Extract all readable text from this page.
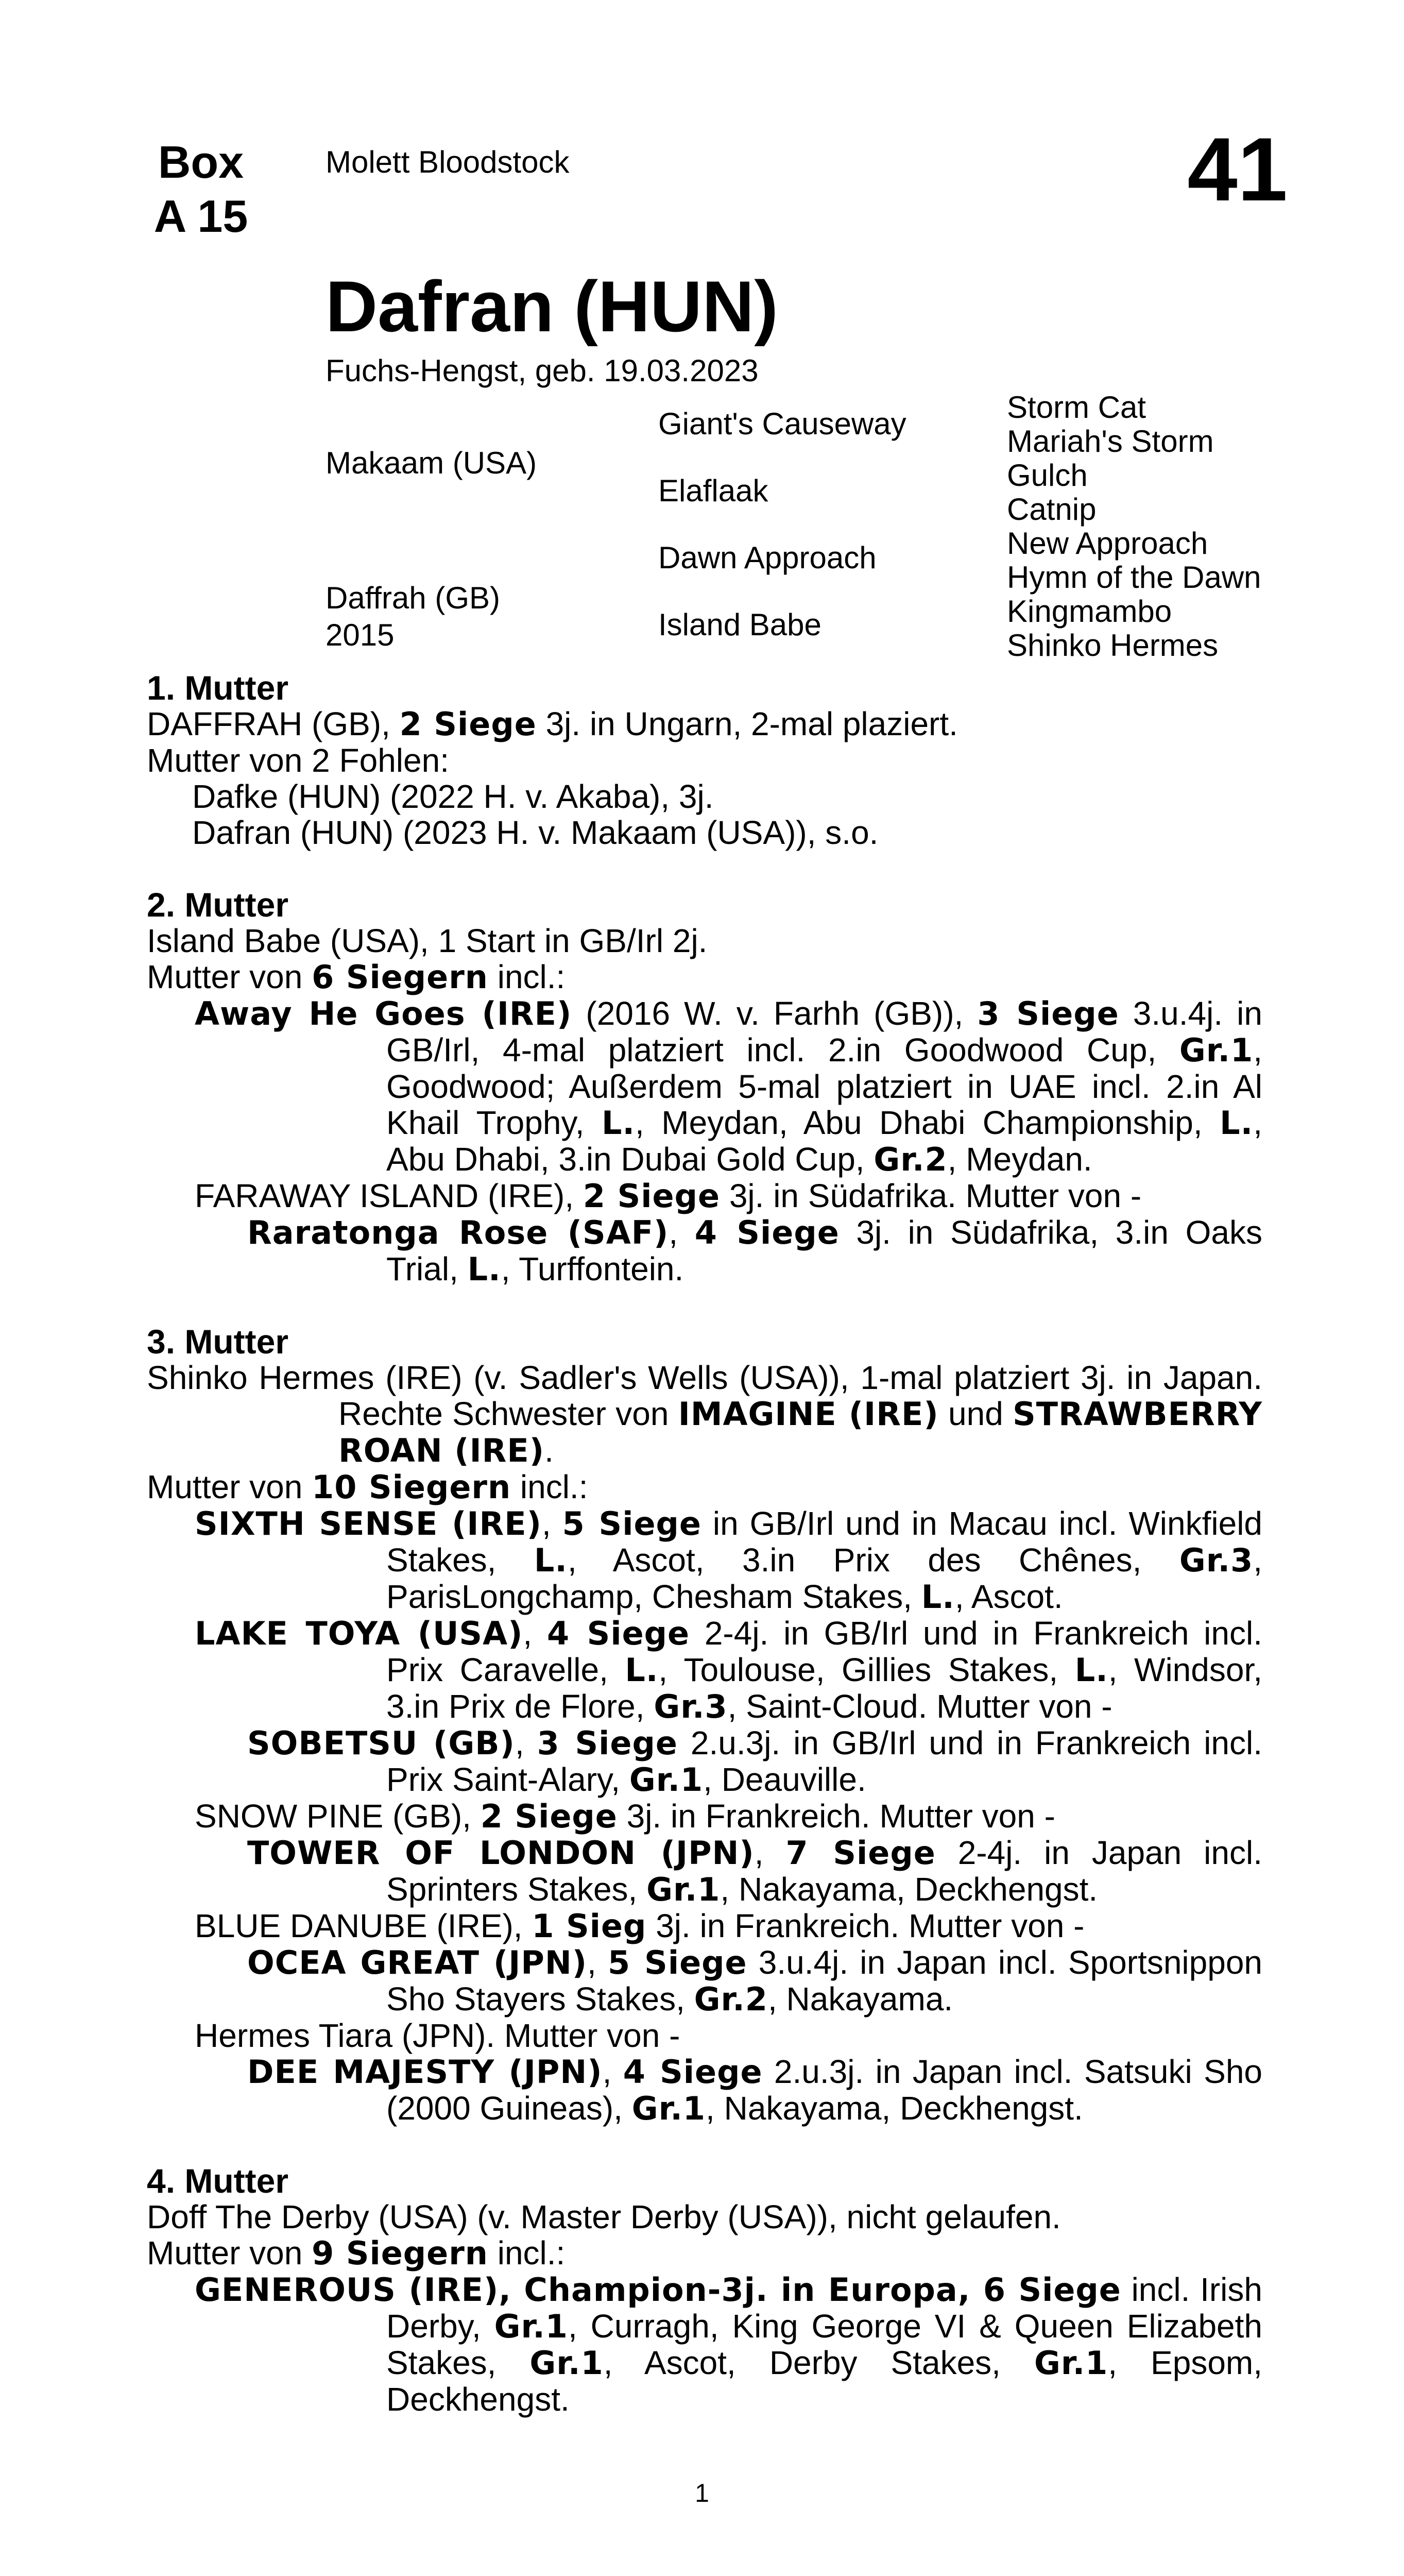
Box
A 15
Molett Bloodstock	41
Dafran (HUN)
Fuchs-Hengst, geb. 19.03.2023
Makaam (USA)
Daffrah (GB)
2015
Giant's Causeway
Elaflaak
Dawn Approach
Island Babe
Storm Cat
Mariah's Storm
Gulch
Catnip
New Approach
Hymn of the Dawn
Kingmambo
Shinko Hermes

1. Mutter

DAFFRAH (GB), 2 Siege 3j. in Ungarn, 2-mal plaziert.

Mutter von 2 Fohlen:

Dafke (HUN) (2022 H. v. Akaba), 3j.

Dafran (HUN) (2023 H. v. Makaam (USA)), s.o.

2. Mutter

Island Babe (USA), 1 Start in GB/Irl 2j.

Mutter von 6 Siegern incl.:

Away He Goes (IRE) (2016 W. v. Farhh (GB)), 3 Siege 3.u.4j. in GB/Irl, 4-mal platziert incl. 2.in Goodwood Cup, Gr.1, Goodwood; Außerdem 5-mal platziert in UAE incl. 2.in Al Khail Trophy, L., Meydan, Abu Dhabi Championship, L., Abu Dhabi, 3.in Dubai Gold Cup, Gr.2, Meydan.

FARAWAY ISLAND (IRE), 2 Siege 3j. in Südafrika. Mutter von -

Raratonga Rose (SAF), 4 Siege 3j. in Südafrika, 3.in Oaks Trial, L., Turffontein.

3. Mutter

Shinko Hermes (IRE) (v. Sadler's Wells (USA)), 1-mal platziert 3j. in Japan. Rechte Schwester von IMAGINE (IRE) und STRAWBERRY ROAN (IRE).

Mutter von 10 Siegern incl.:

SIXTH SENSE (IRE), 5 Siege in GB/Irl und in Macau incl. Winkfield Stakes, L., Ascot, 3.in Prix des Chênes, Gr.3, ParisLongchamp, Chesham Stakes, L., Ascot.

LAKE TOYA (USA), 4 Siege 2-4j. in GB/Irl und in Frankreich incl. Prix Caravelle, L., Toulouse, Gillies Stakes, L., Windsor, 3.in Prix de Flore, Gr.3, Saint-Cloud. Mutter von -

SOBETSU (GB), 3 Siege 2.u.3j. in GB/Irl und in Frankreich incl. Prix Saint-Alary, Gr.1, Deauville.

SNOW PINE (GB), 2 Siege 3j. in Frankreich. Mutter von -

TOWER OF LONDON (JPN), 7 Siege 2-4j. in Japan incl. Sprinters Stakes, Gr.1, Nakayama, Deckhengst.

BLUE DANUBE (IRE), 1 Sieg 3j. in Frankreich. Mutter von -

OCEA GREAT (JPN), 5 Siege 3.u.4j. in Japan incl. Sportsnippon Sho Stayers Stakes, Gr.2, Nakayama.

Hermes Tiara (JPN). Mutter von -

DEE MAJESTY (JPN), 4 Siege 2.u.3j. in Japan incl. Satsuki Sho (2000 Guineas), Gr.1, Nakayama, Deckhengst.

4. Mutter

Doff The Derby (USA) (v. Master Derby (USA)), nicht gelaufen.

Mutter von 9 Siegern incl.:

GENEROUS (IRE), Champion-3j. in Europa, 6 Siege incl. Irish Derby, Gr.1, Curragh, King George VI & Queen Elizabeth Stakes, Gr.1, Ascot, Derby Stakes, Gr.1, Epsom, Deckhengst.

1
